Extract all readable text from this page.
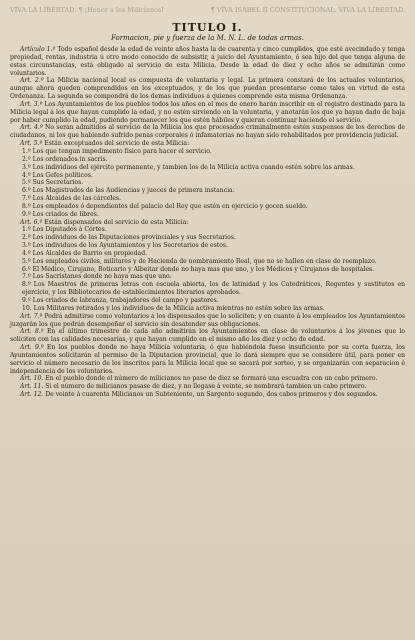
VIVA LA LIBERTAD. ¶ ¡Honor a los Milicianos!	¶ VIVA ISABEL II CONSTITUCIONAL. VIVA LA LIBERTAD.
TITULO I.
Formacion, pie y fuerza de la M. N. L. de todas armas.

Artículo 1.º Todo español desde la edad de veinte años hasta la de cuarenta y cinco cumplidos, que esté avecindado y tenga propiedad, rentas, industria ú otro modo conocido de subsistir, á juicio del Ayuntamiento, ó sea hijo del que tenga alguna de estas circunstancias, está obligado al servicio de esta Milicia. Desde la edad de diez y ocho años se admitirán como voluntarios.

Art. 2.º La Milicia nacional local es compuesta de voluntaria y legal. La primera constará de los actuales voluntarios, aunque ahora queden comprendidos en los exceptuados, y de los que puedan presentarse como tales en virtud de esta Ordenanza. La segunda se compondrá de los demas individuos á quienes comprende esta misma Ordenanza.

Art. 3.º Los Ayuntamientos de los pueblos todos los años en el mes de enero harán inscribir en el registro destinado para la Milicia legal á los que hayan cumplido la edad, y no estén sirviendo en la voluntaria, y anotarán los que ya hayan dado de baja por haber cumplido la edad, pudiendo permanecer los que estén hábiles y quieran continuar haciendo el servicio.

Art. 4.º No serán admitidos al servicio de la Milicia los que procesados criminalmente estén suspensos de los derechos de ciudadanos, ni los que habiendo sufrido penas corporales ó infamatorias no hayan sido rehabilitados por providencia judicial.

Art. 5.º Están exceptuados del servicio de esta Milicia:

1.º Los que tengan impedimento físico para hacer el servicio.

2.º Los ordenados in sacris.

3.º Los individuos del ejército permanente, y tambien los de la Milicia activa cuando estén sobre las armas.

4.º Los Gefes políticos.

5.º Sus Secretarios.

6.º Los Magistrados de las Audiencias y jueces de primera instancia.

7.º Los Alcaides de las cárceles.

8.º Los empleados ó dependientes del palacio del Rey que estén en ejercicio y gocen sueldo.

9.º Los criados de libres.

Art. 6.º Están dispensados del servicio de esta Milicia:

1.º Los Diputados á Córtes.

2.º Los individuos de las Diputaciones provinciales y sus Secretarios.

3.º Los individuos de los Ayuntamientos y los Secretarios de estos.

4.º Los Alcaldes de Barrio en propiedad.

5.º Los empleados civiles, militares y de Hacienda de nombramiento Real, que no se hallen en clase de reemplazo.

6.º El Médico, Cirujano, Boticario y Albeitar donde no haya mas que uno, y los Médicos y Cirujanos de hospitales.

7.º Los Sacristanes donde no haya mas que uno.

8.º Los Maestros de primeras letras con escuela abierta, los de latinidad y los Catedráticos, Regentes y sustitutos en ejercicio, y los Bibliotecarios de establecimientos literarios aprobados.

9.º Los criados de labranza, trabajadores del campo y pastores.

10. Los Militares retirados y los individuos de la Milicia activa mientras no estén sobre las armas.

Art. 7.º Podrá admitirse como voluntarios á los dispensados que lo soliciten; y en cuanto á los empleados los Ayuntamientos juzgarán los que podrán desempeñar el servicio sin desatender sus obligaciones.

Art. 8.º En el último trimestre de cada año admitirán los Ayuntamientos en clase de voluntarios á los jóvenes que lo soliciten con las calidades necesarias, y que hayan cumplido en el mismo año los diez y ocho de edad.

Art. 9.º En los pueblos donde no haya Milicia voluntaria, ó que habiéndola fuese insuficiente por su corta fuerza, los Ayuntamientos solicitarán el permiso de la Diputacion provincial, que lo dará siempre que se considere útil, para poner en servicio el número necesario de los inscritos para la Milicia local que se sacará por sorteo, y se organizarán con separacion é independencia de los voluntarios.

Art. 10. En el pueblo donde el número de milicianos no pase de diez se formará una escuadra con un cabo primero.

Art. 11. Si el número de milicianos pasase de diez, y no llegase á veinte, se nombrará tambien un cabo primero.

Art. 12. De veinte á cuarenta Milicianos un Subteniente, un Sargento segundo, dos cabos primeros y dos segundos.
